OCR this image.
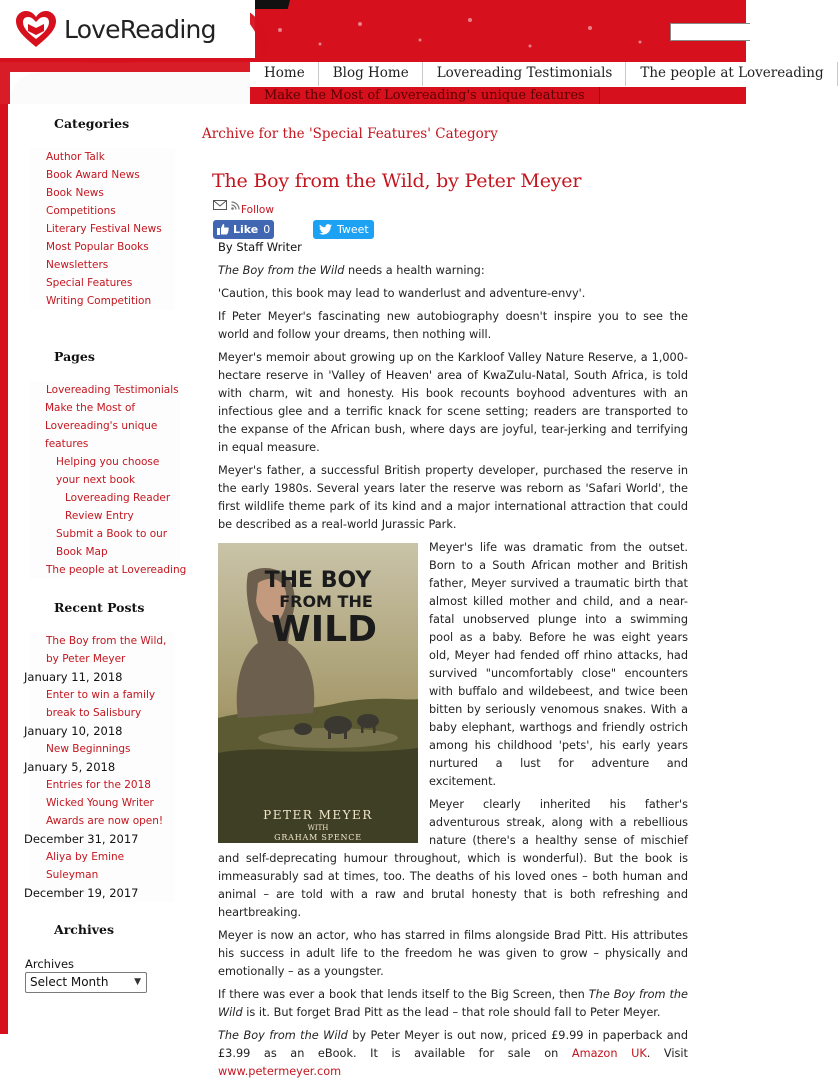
LoveReading
Home	Blog Home	Lovereading Testimonials	The people at Lovereading
Make the Most of Lovereading's unique features
Categories
Author Talk
Book Award News
Book News
Competitions
Literary Festival News
Most Popular Books
Newsletters
Special Features
Writing Competition
Pages
Lovereading Testimonials
Make the Most of Lovereading's unique features
Helping you choose your next book
Lovereading Reader Review Entry
Submit a Book to our Book Map
The people at Lovereading
Recent Posts
The Boy from the Wild, by Peter Meyer
January 11, 2018
Enter to win a family break to Salisbury
January 10, 2018
New Beginnings
January 5, 2018
Entries for the 2018 Wicked Young Writer Awards are now open!
December 31, 2017
Aliya by Emine Suleyman
December 19, 2017
Archives
Archives
Select Month	▼
Archive for the 'Special Features' Category
The Boy from the Wild, by Peter Meyer
Follow
Like 0	Tweet
By Staff Writer

The Boy from the Wild needs a health warning:

'Caution, this book may lead to wanderlust and adventure-envy'.

If Peter Meyer's fascinating new autobiography doesn't inspire you to see the world and follow your dreams, then nothing will.

Meyer's memoir about growing up on the Karkloof Valley Nature Reserve, a 1,000-hectare reserve in 'Valley of Heaven' area of KwaZulu-Natal, South Africa, is told with charm, wit and honesty. His book recounts boyhood adventures with an infectious glee and a terrific knack for scene setting; readers are transported to the expanse of the African bush, where days are joyful, tear-jerking and terrifying in equal measure.

Meyer's father, a successful British property developer, purchased the reserve in the early 1980s. Several years later the reserve was reborn as 'Safari World', the first wildlife theme park of its kind and a major international attraction that could be described as a real-world Jurassic Park.

THE BOY
FROM THE
WILD
PETER MEYER
WITH
GRAHAM SPENCE

Meyer's life was dramatic from the outset. Born to a South African mother and British father, Meyer survived a traumatic birth that almost killed mother and child, and a near-fatal unobserved plunge into a swimming pool as a baby. Before he was eight years old, Meyer had fended off rhino attacks, had survived "uncomfortably close" encounters with buffalo and wildebeest, and twice been bitten by seriously venomous snakes. With a baby elephant, warthogs and friendly ostrich among his childhood 'pets', his early years nurtured a lust for adventure and excitement.

Meyer clearly inherited his father's adventurous streak, along with a rebellious nature (there's a healthy sense of mischief and self-deprecating humour throughout, which is wonderful). But the book is immeasurably sad at times, too. The deaths of his loved ones – both human and animal – are told with a raw and brutal honesty that is both refreshing and heartbreaking.

Meyer is now an actor, who has starred in films alongside Brad Pitt. His attributes his success in adult life to the freedom he was given to grow – physically and emotionally – as a youngster.

If there was ever a book that lends itself to the Big Screen, then The Boy from the Wild is it. But forget Brad Pitt as the lead – that role should fall to Peter Meyer.

The Boy from the Wild by Peter Meyer is out now, priced £9.99 in paperback and £3.99 as an eBook. It is available for sale on Amazon UK. Visit www.petermeyer.com
